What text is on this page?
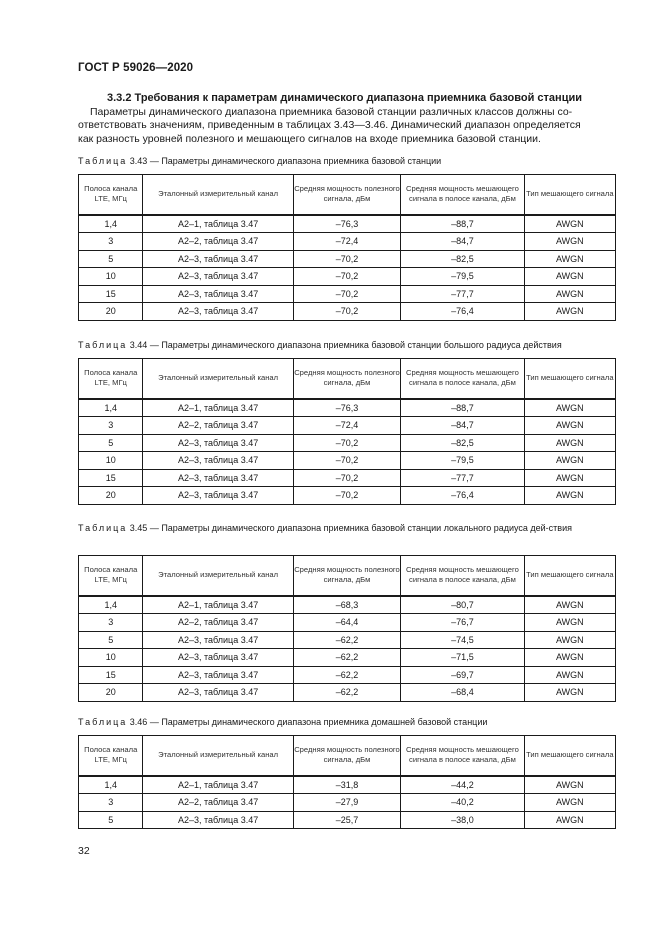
ГОСТ Р 59026—2020
3.3.2 Требования к параметрам динамического диапазона приемника базовой станции

Параметры динамического диапазона приемника базовой станции различных классов должны со-

ответствовать значениям, приведенным в таблицах 3.43—3.46. Динамический диапазон определяется

как разность уровней полезного и мешающего сигналов на входе приемника базовой станции.

Таблица 3.43 — Параметры динамического диапазона приемника базовой станции
Полоса канала LTE, МГц	Эталонный измерительный канал	Средняя мощность полезного сигнала, дБм	Средняя мощность мешающего сигнала в полосе канала, дБм	Тип мешающего сигнала
1,4	A2–1, таблица 3.47	–76,3	–88,7	AWGN
3	A2–2, таблица 3.47	–72,4	–84,7	AWGN
5	A2–3, таблица 3.47	–70,2	–82,5	AWGN
10	A2–3, таблица 3.47	–70,2	–79,5	AWGN
15	A2–3, таблица 3.47	–70,2	–77,7	AWGN
20	A2–3, таблица 3.47	–70,2	–76,4	AWGN
Таблица 3.44 — Параметры динамического диапазона приемника базовой станции большого радиуса действия
Полоса канала LTE, МГц	Эталонный измерительный канал	Средняя мощность полезного сигнала, дБм	Средняя мощность мешающего сигнала в полосе канала, дБм	Тип мешающего сигнала
1,4	A2–1, таблица 3.47	–76,3	–88,7	AWGN
3	A2–2, таблица 3.47	–72,4	–84,7	AWGN
5	A2–3, таблица 3.47	–70,2	–82,5	AWGN
10	A2–3, таблица 3.47	–70,2	–79,5	AWGN
15	A2–3, таблица 3.47	–70,2	–77,7	AWGN
20	A2–3, таблица 3.47	–70,2	–76,4	AWGN
Таблица 3.45 — Параметры динамического диапазона приемника базовой станции локального радиуса дей-ствия
Полоса канала LTE, МГц	Эталонный измерительный канал	Средняя мощность полезного сигнала, дБм	Средняя мощность мешающего сигнала в полосе канала, дБм	Тип мешающего сигнала
1,4	A2–1, таблица 3.47	–68,3	–80,7	AWGN
3	A2–2, таблица 3.47	–64,4	–76,7	AWGN
5	A2–3, таблица 3.47	–62,2	–74,5	AWGN
10	A2–3, таблица 3.47	–62,2	–71,5	AWGN
15	A2–3, таблица 3.47	–62,2	–69,7	AWGN
20	A2–3, таблица 3.47	–62,2	–68,4	AWGN
Таблица 3.46 — Параметры динамического диапазона приемника домашней базовой станции
Полоса канала LTE, МГц	Эталонный измерительный канал	Средняя мощность полезного сигнала, дБм	Средняя мощность мешающего сигнала в полосе канала, дБм	Тип мешающего сигнала
1,4	A2–1, таблица 3.47	–31,8	–44,2	AWGN
3	A2–2, таблица 3.47	–27,9	–40,2	AWGN
5	A2–3, таблица 3.47	–25,7	–38,0	AWGN
32
